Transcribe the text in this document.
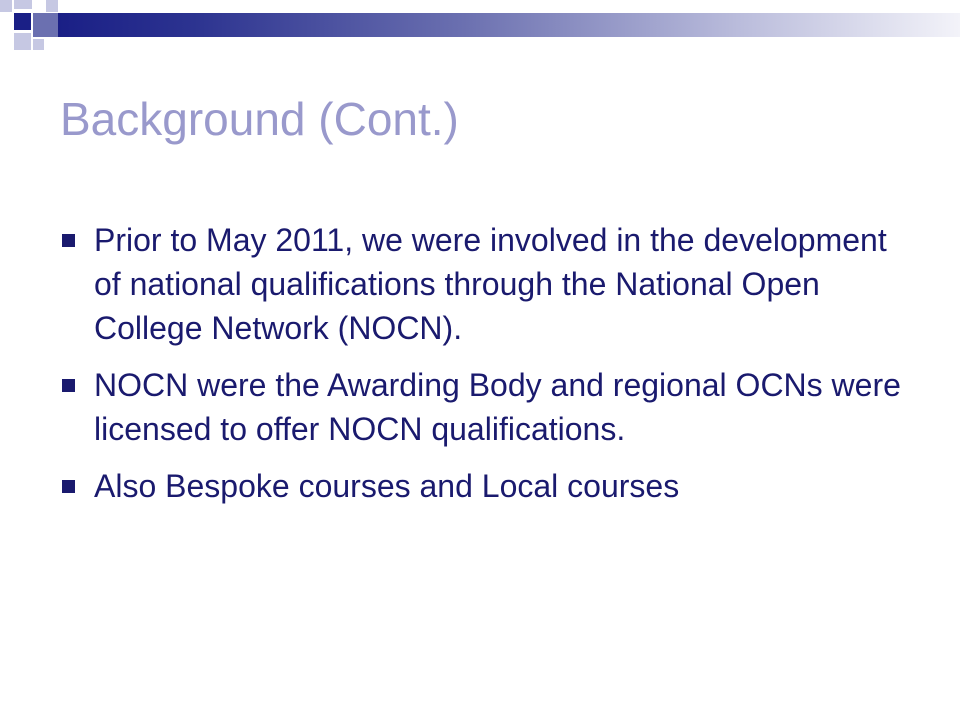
Background (Cont.)
Prior to May 2011, we were involved in the development of national qualifications through the National Open College Network (NOCN).
NOCN were the Awarding Body and regional OCNs were licensed to offer NOCN qualifications.
Also Bespoke courses and Local courses
